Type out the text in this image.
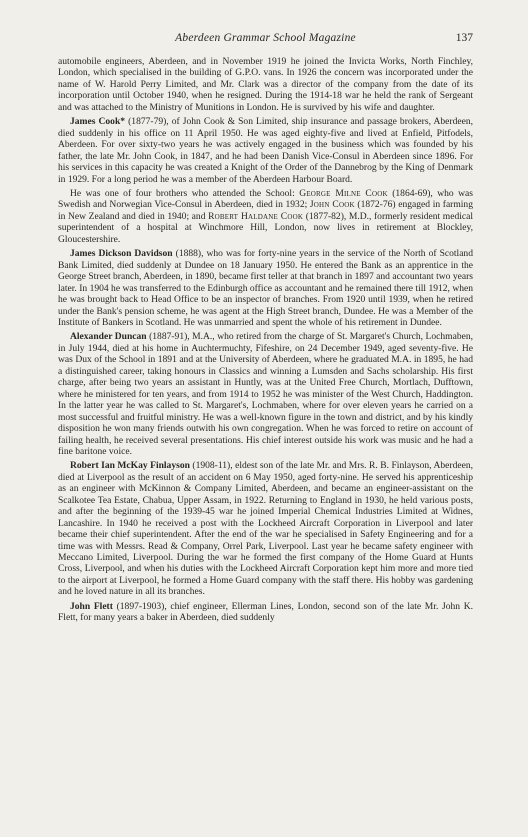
Aberdeen Grammar School Magazine	137

automobile engineers, Aberdeen, and in November 1919 he joined the Invicta Works, North Finchley, London, which specialised in the building of G.P.O. vans. In 1926 the concern was incorporated under the name of W. Harold Perry Limited, and Mr. Clark was a director of the company from the date of its incorporation until October 1940, when he resigned. During the 1914-18 war he held the rank of Sergeant and was attached to the Ministry of Munitions in London. He is survived by his wife and daughter.

James Cook* (1877-79), of John Cook & Son Limited, ship insurance and passage brokers, Aberdeen, died suddenly in his office on 11 April 1950. He was aged eighty-five and lived at Enfield, Pitfodels, Aberdeen. For over sixty-two years he was actively engaged in the business which was founded by his father, the late Mr. John Cook, in 1847, and he had been Danish Vice-Consul in Aberdeen since 1896. For his services in this capacity he was created a Knight of the Order of the Dannebrog by the King of Denmark in 1929. For a long period he was a member of the Aberdeen Harbour Board.

He was one of four brothers who attended the School: George Milne Cook (1864-69), who was Swedish and Norwegian Vice-Consul in Aberdeen, died in 1932; John Cook (1872-76) engaged in farming in New Zealand and died in 1940; and Robert Haldane Cook (1877-82), M.D., formerly resident medical superintendent of a hospital at Winchmore Hill, London, now lives in retirement at Blockley, Gloucestershire.

James Dickson Davidson (1888), who was for forty-nine years in the service of the North of Scotland Bank Limited, died suddenly at Dundee on 18 January 1950. He entered the Bank as an apprentice in the George Street branch, Aberdeen, in 1890, became first teller at that branch in 1897 and accountant two years later. In 1904 he was transferred to the Edinburgh office as accountant and he remained there till 1912, when he was brought back to Head Office to be an inspector of branches. From 1920 until 1939, when he retired under the Bank's pension scheme, he was agent at the High Street branch, Dundee. He was a Member of the Institute of Bankers in Scotland. He was unmarried and spent the whole of his retirement in Dundee.

Alexander Duncan (1887-91), M.A., who retired from the charge of St. Margaret's Church, Lochmaben, in July 1944, died at his home in Auchtermuchty, Fifeshire, on 24 December 1949, aged seventy-five. He was Dux of the School in 1891 and at the University of Aberdeen, where he graduated M.A. in 1895, he had a distinguished career, taking honours in Classics and winning a Lumsden and Sachs scholarship. His first charge, after being two years an assistant in Huntly, was at the United Free Church, Mortlach, Dufftown, where he ministered for ten years, and from 1914 to 1952 he was minister of the West Church, Haddington. In the latter year he was called to St. Margaret's, Lochmaben, where for over eleven years he carried on a most successful and fruitful ministry. He was a well-known figure in the town and district, and by his kindly disposition he won many friends outwith his own congregation. When he was forced to retire on account of failing health, he received several presentations. His chief interest outside his work was music and he had a fine baritone voice.

Robert Ian McKay Finlayson (1908-11), eldest son of the late Mr. and Mrs. R. B. Finlayson, Aberdeen, died at Liverpool as the result of an accident on 6 May 1950, aged forty-nine. He served his apprenticeship as an engineer with McKinnon & Company Limited, Aberdeen, and became an engineer-assistant on the Scalkotee Tea Estate, Chabua, Upper Assam, in 1922. Returning to England in 1930, he held various posts, and after the beginning of the 1939-45 war he joined Imperial Chemical Industries Limited at Widnes, Lancashire. In 1940 he received a post with the Lockheed Aircraft Corporation in Liverpool and later became their chief superintendent. After the end of the war he specialised in Safety Engineering and for a time was with Messrs. Read & Company, Orrel Park, Liverpool. Last year he became safety engineer with Meccano Limited, Liverpool. During the war he formed the first company of the Home Guard at Hunts Cross, Liverpool, and when his duties with the Lockheed Aircraft Corporation kept him more and more tied to the airport at Liverpool, he formed a Home Guard company with the staff there. His hobby was gardening and he loved nature in all its branches.

John Flett (1897-1903), chief engineer, Ellerman Lines, London, second son of the late Mr. John K. Flett, for many years a baker in Aberdeen, died suddenly
